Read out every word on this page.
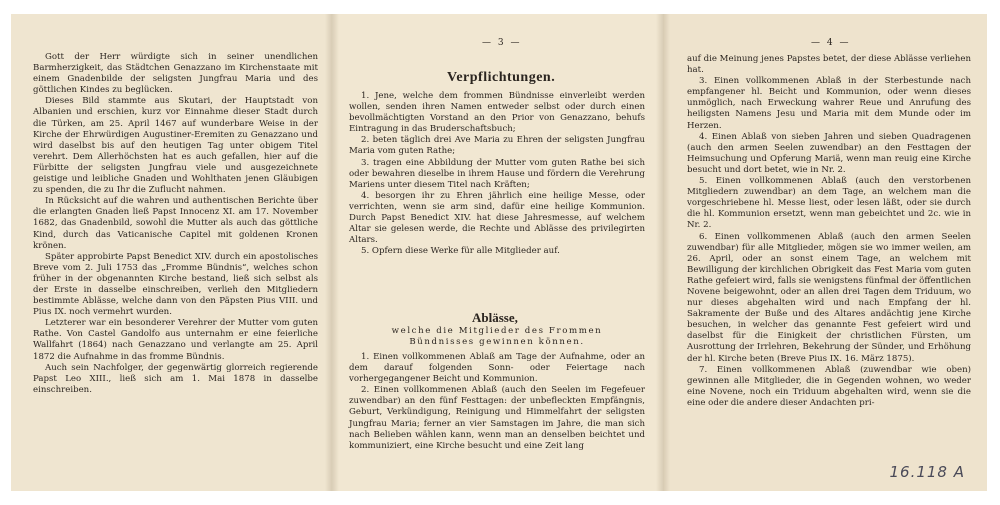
Gott der Herr würdigte sich in seiner unendlichen Barmherzigkeit, das Städtchen Genazzano im Kirchenstaate mit einem Gnadenbilde der seligsten Jungfrau Maria und des göttlichen Kindes zu beglücken.

Dieses Bild stammte aus Skutari, der Hauptstadt von Albanien und erschien, kurz vor Einnahme dieser Stadt durch die Türken, am 25. April 1467 auf wunderbare Weise in der Kirche der Ehrwürdigen Augustiner-Eremiten zu Genazzano und wird daselbst bis auf den heutigen Tag unter obigem Titel verehrt. Dem Allerhöchsten hat es auch gefallen, hier auf die Fürbitte der seligsten Jungfrau viele und ausgezeichnete geistige und leibliche Gnaden und Wohlthaten jenen Gläubigen zu spenden, die zu Ihr die Zuflucht nahmen.

In Rücksicht auf die wahren und authentischen Berichte über die erlangten Gnaden ließ Papst Innocenz XI. am 17. November 1682, das Gnadenbild, sowohl die Mutter als auch das göttliche Kind, durch das Vaticanische Capitel mit goldenen Kronen krönen.

Später approbirte Papst Benedict XIV. durch ein apostolisches Breve vom 2. Juli 1753 das „Fromme Bündnis“, welches schon früher in der obgenannten Kirche bestand, ließ sich selbst als der Erste in dasselbe einschreiben, verlieh den Mitgliedern bestimmte Ablässe, welche dann von den Päpsten Pius VIII. und Pius IX. noch vermehrt wurden.

Letzterer war ein besonderer Verehrer der Mutter vom guten Rathe. Von Castel Gandolfo aus unternahm er eine feierliche Wallfahrt (1864) nach Genazzano und verlangte am 25. April 1872 die Aufnahme in das fromme Bündnis.

Auch sein Nachfolger, der gegenwärtig glorreich regierende Papst Leo XIII., ließ sich am 1. Mai 1878 in dasselbe einschreiben.

— 3 —
Verpflichtungen.

1. Jene, welche dem frommen Bündnisse einverleibt werden wollen, senden ihren Namen entweder selbst oder durch einen bevollmächtigten Vorstand an den Prior von Genazzano, behufs Eintragung in das Bruderschaftsbuch;

2. beten täglich drei Ave Maria zu Ehren der seligsten Jungfrau Maria vom guten Rathe;

3. tragen eine Abbildung der Mutter vom guten Rathe bei sich oder bewahren dieselbe in ihrem Hause und fördern die Verehrung Mariens unter diesem Titel nach Kräften;

4. besorgen ihr zu Ehren jährlich eine heilige Messe, oder verrichten, wenn sie arm sind, dafür eine heilige Kommunion. Durch Papst Benedict XIV. hat diese Jahresmesse, auf welchem Altar sie gelesen werde, die Rechte und Ablässe des privilegirten Altars.

5. Opfern diese Werke für alle Mitglieder auf.

Ablässe,
welche die Mitglieder des Frommen Bündnisses gewinnen können.

1. Einen vollkommenen Ablaß am Tage der Aufnahme, oder an dem darauf folgenden Sonn- oder Feiertage nach vorhergegangener Beicht und Kommunion.

2. Einen vollkommenen Ablaß (auch den Seelen im Fegefeuer zuwendbar) an den fünf Festtagen: der unbefleckten Empfängnis, Geburt, Verkündigung, Reinigung und Himmelfahrt der seligsten Jungfrau Maria; ferner an vier Samstagen im Jahre, die man sich nach Belieben wählen kann, wenn man an denselben beichtet und kommuniziert, eine Kirche besucht und eine Zeit lang

— 4 —

auf die Meinung jenes Papstes betet, der diese Ablässe verliehen hat.

3. Einen vollkommenen Ablaß in der Sterbestunde nach empfangener hl. Beicht und Kommunion, oder wenn dieses unmöglich, nach Erweckung wahrer Reue und Anrufung des heiligsten Namens Jesu und Maria mit dem Munde oder im Herzen.

4. Einen Ablaß von sieben Jahren und sieben Quadragenen (auch den armen Seelen zuwendbar) an den Festtagen der Heimsuchung und Opferung Mariä, wenn man reuig eine Kirche besucht und dort betet, wie in Nr. 2.

5. Einen vollkommenen Ablaß (auch den verstorbenen Mitgliedern zuwendbar) an dem Tage, an welchem man die vorgeschriebene hl. Messe liest, oder lesen läßt, oder sie durch die hl. Kommunion ersetzt, wenn man gebeichtet und 2c. wie in Nr. 2.

6. Einen vollkommenen Ablaß (auch den armen Seelen zuwendbar) für alle Mitglieder, mögen sie wo immer weilen, am 26. April, oder an sonst einem Tage, an welchem mit Bewilligung der kirchlichen Obrigkeit das Fest Maria vom guten Rathe gefeiert wird, falls sie wenigstens fünfmal der öffentlichen Novene beigewohnt, oder an allen drei Tagen dem Triduum, wo nur dieses abgehalten wird und nach Empfang der hl. Sakramente der Buße und des Altares andächtig jene Kirche besuchen, in welcher das genannte Fest gefeiert wird und daselbst für die Einigkeit der christlichen Fürsten, um Ausrottung der Irrlehren, Bekehrung der Sünder, und Erhöhung der hl. Kirche beten (Breve Pius IX. 16. März 1875).

7. Einen vollkommenen Ablaß (zuwendbar wie oben) gewinnen alle Mitglieder, die in Gegenden wohnen, wo weder eine Novene, noch ein Triduum abgehalten wird, wenn sie die eine oder die andere dieser Andachten pri-

16.118 A
